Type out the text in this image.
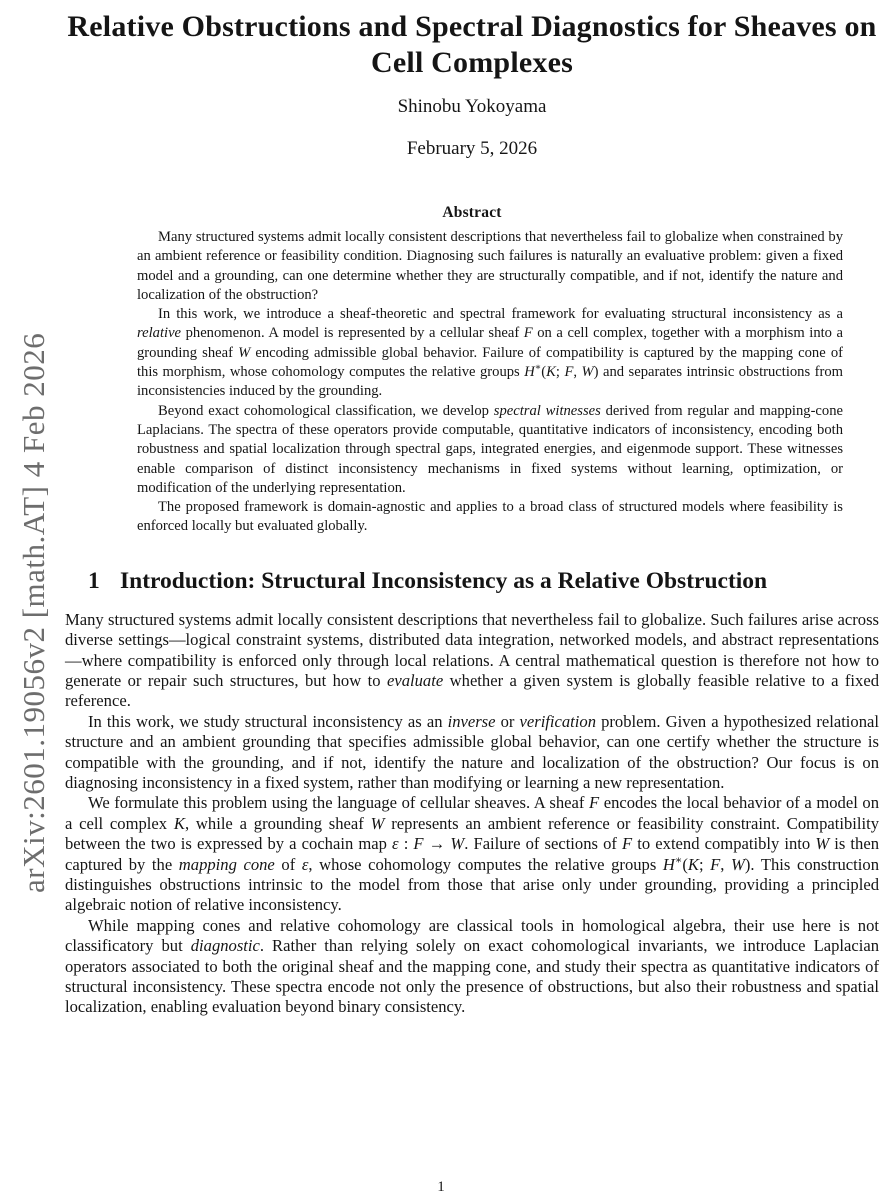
arXiv:2601.19056v2 [math.AT] 4 Feb 2026
Relative Obstructions and Spectral Diagnostics for Sheaves on Cell Complexes
Shinobu Yokoyama
February 5, 2026
Abstract

Many structured systems admit locally consistent descriptions that nevertheless fail to globalize when constrained by an ambient reference or feasibility condition. Diagnosing such failures is naturally an evaluative problem: given a fixed model and a grounding, can one determine whether they are structurally compatible, and if not, identify the nature and localization of the obstruction?

In this work, we introduce a sheaf-theoretic and spectral framework for evaluating structural inconsistency as a relative phenomenon. A model is represented by a cellular sheaf F on a cell complex, together with a morphism into a grounding sheaf W encoding admissible global behavior. Failure of compatibility is captured by the mapping cone of this morphism, whose cohomology computes the relative groups H∗(K; F, W) and separates intrinsic obstructions from inconsistencies induced by the grounding.

Beyond exact cohomological classification, we develop spectral witnesses derived from regular and mapping-cone Laplacians. The spectra of these operators provide computable, quantitative indicators of inconsistency, encoding both robustness and spatial localization through spectral gaps, integrated energies, and eigenmode support. These witnesses enable comparison of distinct inconsistency mechanisms in fixed systems without learning, optimization, or modification of the underlying representation.

The proposed framework is domain-agnostic and applies to a broad class of structured models where feasibility is enforced locally but evaluated globally.

1 Introduction: Structural Inconsistency as a Relative Obstruction

Many structured systems admit locally consistent descriptions that nevertheless fail to globalize. Such failures arise across diverse settings—logical constraint systems, distributed data integration, networked models, and abstract representations—where compatibility is enforced only through local relations. A central mathematical question is therefore not how to generate or repair such structures, but how to evaluate whether a given system is globally feasible relative to a fixed reference.

In this work, we study structural inconsistency as an inverse or verification problem. Given a hypothesized relational structure and an ambient grounding that specifies admissible global behavior, can one certify whether the structure is compatible with the grounding, and if not, identify the nature and localization of the obstruction? Our focus is on diagnosing inconsistency in a fixed system, rather than modifying or learning a new representation.

We formulate this problem using the language of cellular sheaves. A sheaf F encodes the local behavior of a model on a cell complex K, while a grounding sheaf W represents an ambient reference or feasibility constraint. Compatibility between the two is expressed by a cochain map ε : F → W. Failure of sections of F to extend compatibly into W is then captured by the mapping cone of ε, whose cohomology computes the relative groups H∗(K; F, W). This construction distinguishes obstructions intrinsic to the model from those that arise only under grounding, providing a principled algebraic notion of relative inconsistency.

While mapping cones and relative cohomology are classical tools in homological algebra, their use here is not classificatory but diagnostic. Rather than relying solely on exact cohomological invariants, we introduce Laplacian operators associated to both the original sheaf and the mapping cone, and study their spectra as quantitative indicators of structural inconsistency. These spectra encode not only the presence of obstructions, but also their robustness and spatial localization, enabling evaluation beyond binary consistency.

1
